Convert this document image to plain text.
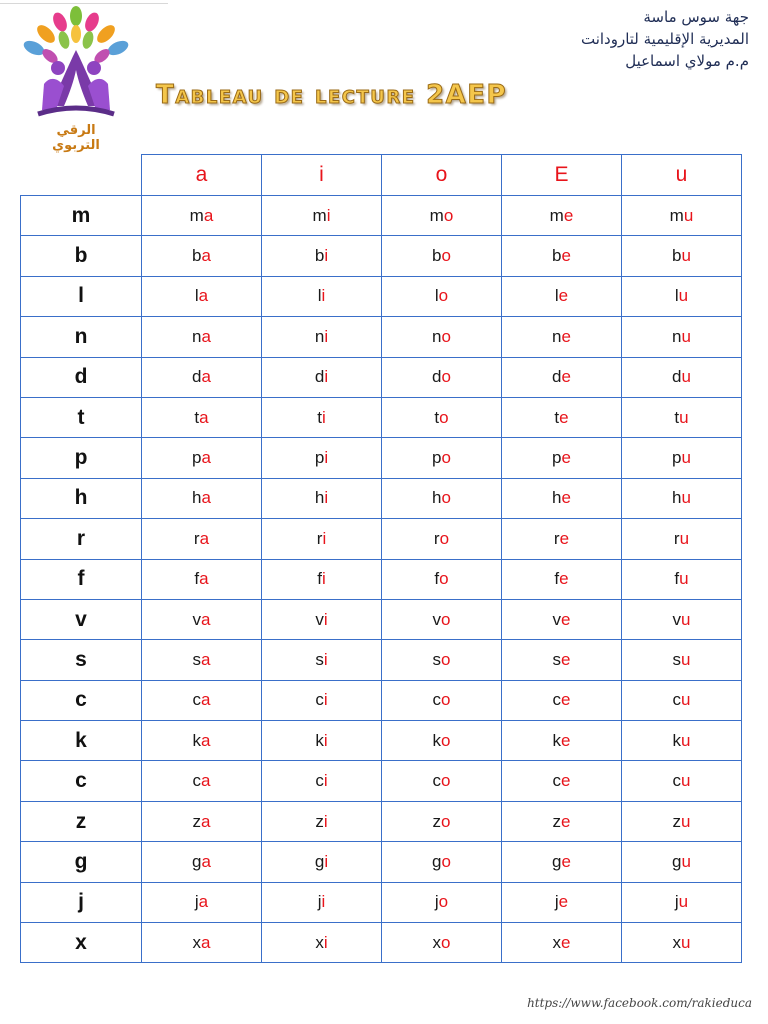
الرقي التربوي
جهة سوس ماسة
المديرية الإقليمية لتارودانت
م.م مولاي اسماعيل
Tableau de lecture 2AEP
	a	i	o	E	u
m	ma	mi	mo	me	mu
b	ba	bi	bo	be	bu
l	la	li	lo	le	lu
n	na	ni	no	ne	nu
d	da	di	do	de	du
t	ta	ti	to	te	tu
p	pa	pi	po	pe	pu
h	ha	hi	ho	he	hu
r	ra	ri	ro	re	ru
f	fa	fi	fo	fe	fu
v	va	vi	vo	ve	vu
s	sa	si	so	se	su
c	ca	ci	co	ce	cu
k	ka	ki	ko	ke	ku
c	ca	ci	co	ce	cu
z	za	zi	zo	ze	zu
g	ga	gi	go	ge	gu
j	ja	ji	jo	je	ju
x	xa	xi	xo	xe	xu
https://www.facebook.com/rakieduca
